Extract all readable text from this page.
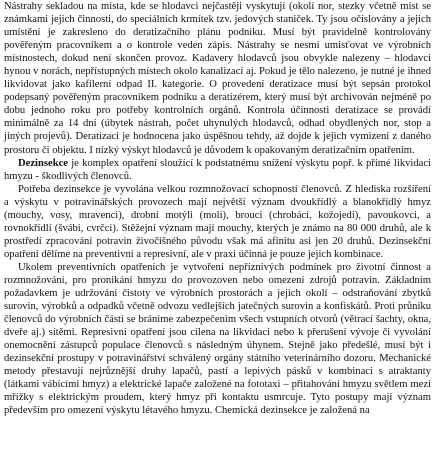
Nástrahy sekladou na místa, kde se hlodavci nejčastěji vyskytují (okolí nor, stezky včetně míst se známkami jejich činnosti, do speciálních krmítek tzv. jedových staniček. Ty jsou očíslovány a jejich umístění je zakresleno do deratizačního plánu podniku. Musí být pravidelně kontrolovány pověřeným pracovníkem a o kontrole veden zápis. Nástrahy se nesmí umisťovat ve výrobních místnostech, dokud není skončen provoz. Kadavery hlodavců jsou obvykle nalezeny – hlodavci hynou v norách, nepřístupných místech okolo kanalizací aj. Pokud je tělo nalezeno, je nutné je ihned likvidovat jako kafilerní odpad II. kategorie. O provedení deratizace musí být sepsán protokol podepsaný pověřeným pracovníkem podniku a deratizérem, který musí být archivován nejméně po dobu jednoho roku pro potřeby kontrolních orgánů. Kontrola účinnosti deratizace se provádí minimálně za 14 dní (úbytek nástrah, počet uhynulých hlodavců, odhad obydlených nor, stop a jiných projevů). Deratizaci je hodnocena jako úspěšnou tehdy, až dojde k jejich vymizení z daného prostoru či objektu. I nízký výskyt hlodavců je důvodem k opakovaným deratizačním opatřením.

Dezinsekce je komplex opatření sloužící k podstatnému snížení výskytu popř. k přímé likvidaci hmyzu - škodlivých členovců.

Potřeba dezinsekce je vyvolána velkou rozmnožovací schopností členovců. Z hlediska rozšíření a výskytu v potravinářských provozech mají největší význam dvoukřídlý a blanokřídlý hmyz (mouchy, vosy, mravenci), drobní motýli (moli), brouci (chrobáci, kožojedi), pavoukovci, a rovnokřídlí (švábi, cvrčci). Stěžejní význam mají mouchy, kterých je známo na 80 000 druhů, ale k prostředí zpracování potravin živočišného původu však má afinitu asi jen 20 druhů. Dezinsekční opatření dělíme na preventivní a represivní, ale v praxi účinná je pouze jejich kombinace.

Ukolem preventivních opatřeních je vytvoření nepříznivých podmínek pro životní činnost a rozmnožování, pro pronikání hmyzu do provozoven nebo omezení zdrojů potravin. Základním požadavkem je udržování čistoty ve výrobních prostorách a jejich okolí – odstraňování zbytků surovin, výrobků a odpadků včetně odvozu vedlejších jatečných surovin a konfiskátů. Proti průniku členovců do výrobních částí se bráníme zabezpečením všech vstupních otvorů (větrací šachty, okna, dveře aj.) sítěmi. Represivní opatření jsou cílena na likvidaci nebo k přerušení vývoje či vyvolání onemocnění zástupců populace členovců s následným úhynem. Stejně jako předešlé, musí být i dezinsekční prostupy v potravinářství schválený orgány státního veterinárního dozoru. Mechanické metody přestavují nejrůznější druhy lapačů, pastí a lepivých pásků v kombinaci s atraktanty (látkami vábícími hmyz) a elektrické lapače založené na fototaxi – přitahování hmyzu světlem mezi mřížky s elektrickým proudem, který hmyz při kontaktu usmrcuje. Tyto postupy mají význam především pro omezení výskytu létavého hmyzu. Chemická dezinsekce je založená na
